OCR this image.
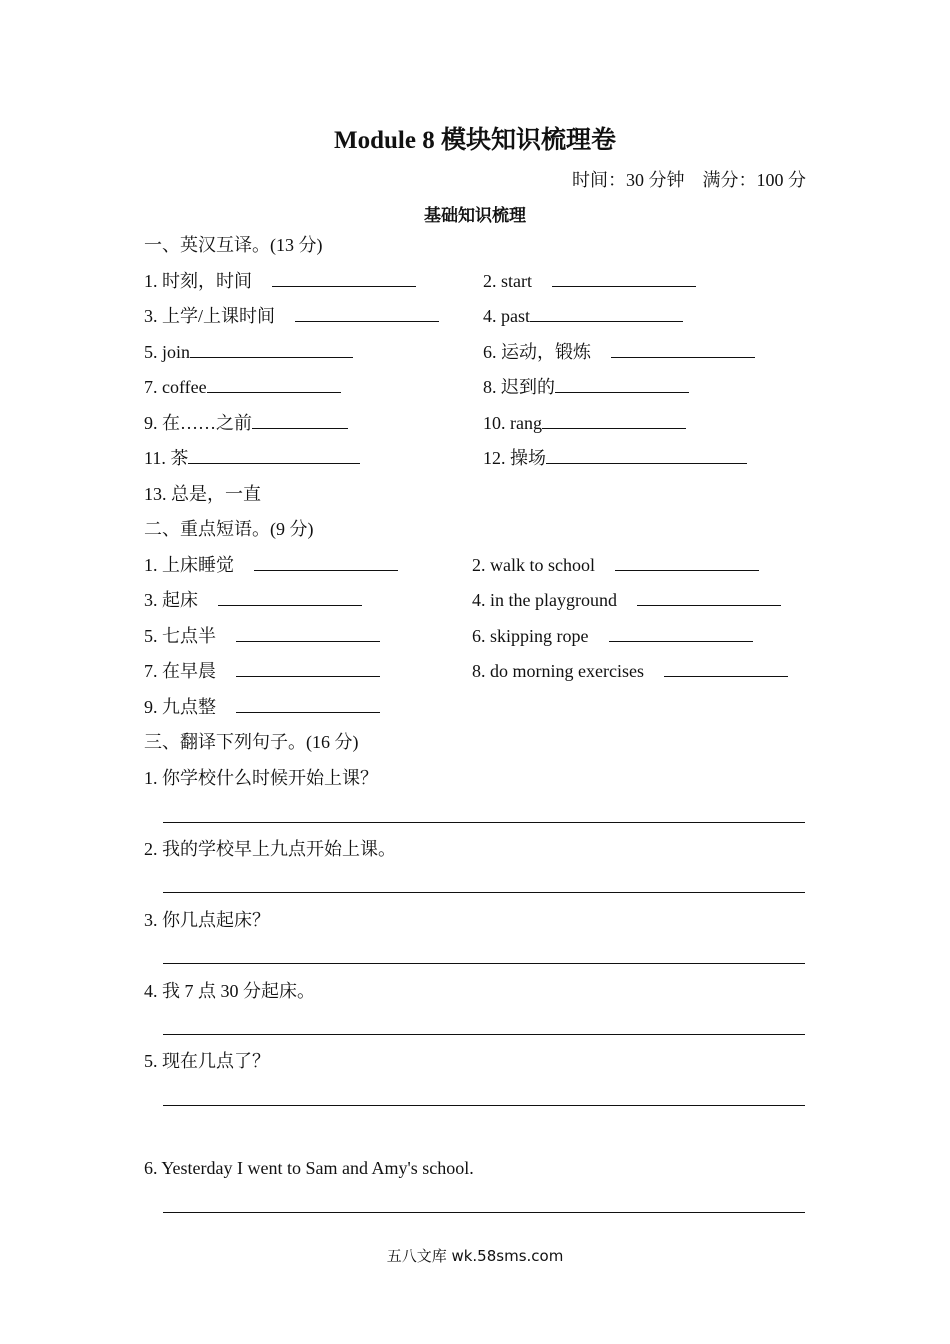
Module 8 模块知识梳理卷
时间：30 分钟    满分：100 分
基础知识梳理
一、英汉互译。(13 分)
1. 时刻，时间	2. start
3. 上学/上课时间	4. past
5. join	6. 运动，锻炼
7. coffee	8. 迟到的
9. 在……之前	10. rang
11. 茶	12. 操场
13. 总是，一直
二、重点短语。(9 分)
1. 上床睡觉	2. walk to school
3. 起床	4. in the playground
5. 七点半	6. skipping rope
7. 在早晨	8. do morning exercises
9. 九点整
三、翻译下列句子。(16 分)
1. 你学校什么时候开始上课？
2. 我的学校早上九点开始上课。
3. 你几点起床？
4. 我 7 点 30 分起床。
5. 现在几点了？
6. Yesterday I went to Sam and Amy's school.
五八文库 wk.58sms.com
